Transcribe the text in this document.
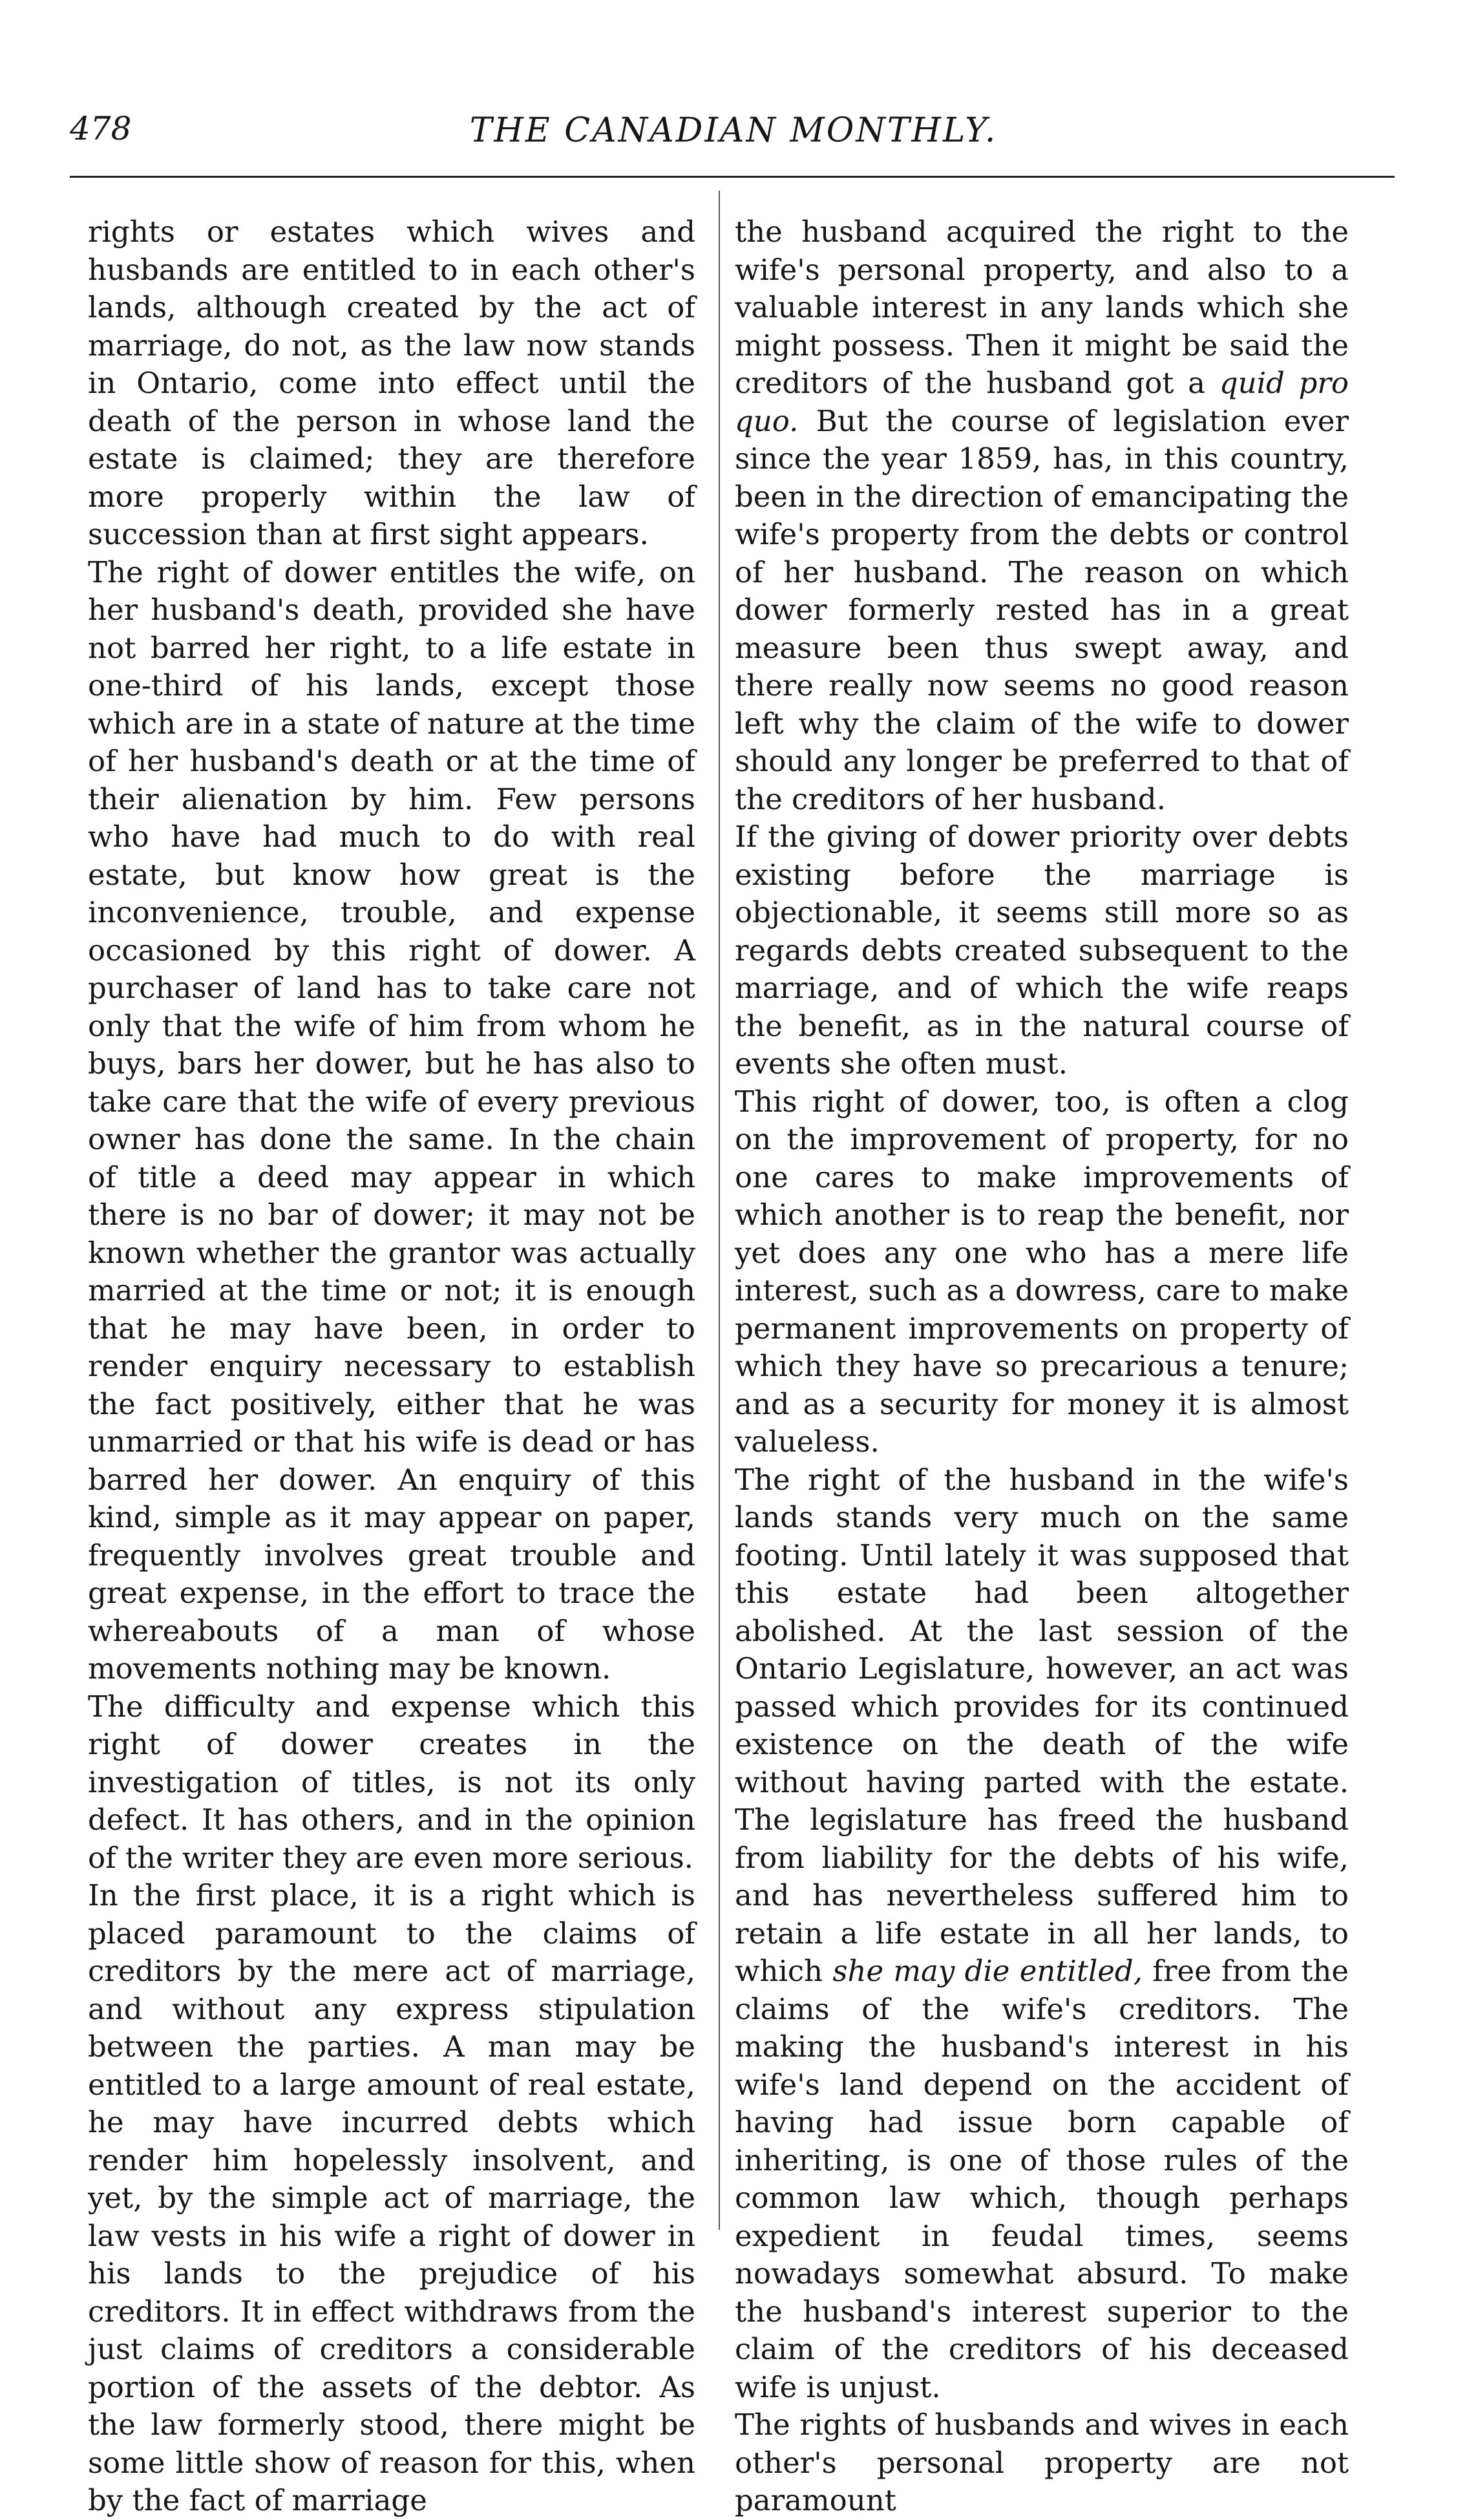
478	THE CANADIAN MONTHLY.

rights or estates which wives and husbands are entitled to in each other's lands, although created by the act of marriage, do not, as the law now stands in Ontario, come into effect until the death of the person in whose land the estate is claimed; they are therefore more properly within the law of succession than at first sight appears.

The right of dower entitles the wife, on her husband's death, provided she have not barred her right, to a life estate in one-third of his lands, except those which are in a state of nature at the time of her husband's death or at the time of their alienation by him. Few persons who have had much to do with real estate, but know how great is the inconvenience, trouble, and expense occasioned by this right of dower. A purchaser of land has to take care not only that the wife of him from whom he buys, bars her dower, but he has also to take care that the wife of every previous owner has done the same. In the chain of title a deed may appear in which there is no bar of dower; it may not be known whether the grantor was actually married at the time or not; it is enough that he may have been, in order to render enquiry necessary to establish the fact positively, either that he was unmarried or that his wife is dead or has barred her dower. An enquiry of this kind, simple as it may appear on paper, frequently involves great trouble and great expense, in the effort to trace the whereabouts of a man of whose movements nothing may be known.

The difficulty and expense which this right of dower creates in the investigation of titles, is not its only defect. It has others, and in the opinion of the writer they are even more serious.

In the first place, it is a right which is placed paramount to the claims of creditors by the mere act of marriage, and without any express stipulation between the parties. A man may be entitled to a large amount of real estate, he may have incurred debts which render him hopelessly insolvent, and yet, by the simple act of marriage, the law vests in his wife a right of dower in his lands to the prejudice of his creditors. It in effect withdraws from the just claims of creditors a considerable portion of the assets of the debtor. As the law formerly stood, there might be some little show of reason for this, when by the fact of marriage

the husband acquired the right to the wife's personal property, and also to a valuable interest in any lands which she might possess. Then it might be said the creditors of the husband got a quid pro quo. But the course of legislation ever since the year 1859, has, in this country, been in the direction of emancipating the wife's property from the debts or control of her husband. The reason on which dower formerly rested has in a great measure been thus swept away, and there really now seems no good reason left why the claim of the wife to dower should any longer be preferred to that of the creditors of her husband.

If the giving of dower priority over debts existing before the marriage is objectionable, it seems still more so as regards debts created subsequent to the marriage, and of which the wife reaps the benefit, as in the natural course of events she often must.

This right of dower, too, is often a clog on the improvement of property, for no one cares to make improvements of which another is to reap the benefit, nor yet does any one who has a mere life interest, such as a dowress, care to make permanent improvements on property of which they have so precarious a tenure; and as a security for money it is almost valueless.

The right of the husband in the wife's lands stands very much on the same footing. Until lately it was supposed that this estate had been altogether abolished. At the last session of the Ontario Legislature, however, an act was passed which provides for its continued existence on the death of the wife without having parted with the estate. The legislature has freed the husband from liability for the debts of his wife, and has nevertheless suffered him to retain a life estate in all her lands, to which she may die entitled, free from the claims of the wife's creditors. The making the husband's interest in his wife's land depend on the accident of having had issue born capable of inheriting, is one of those rules of the common law which, though perhaps expedient in feudal times, seems nowadays somewhat absurd. To make the husband's interest superior to the claim of the creditors of his deceased wife is unjust.

The rights of husbands and wives in each other's personal property are not paramount
